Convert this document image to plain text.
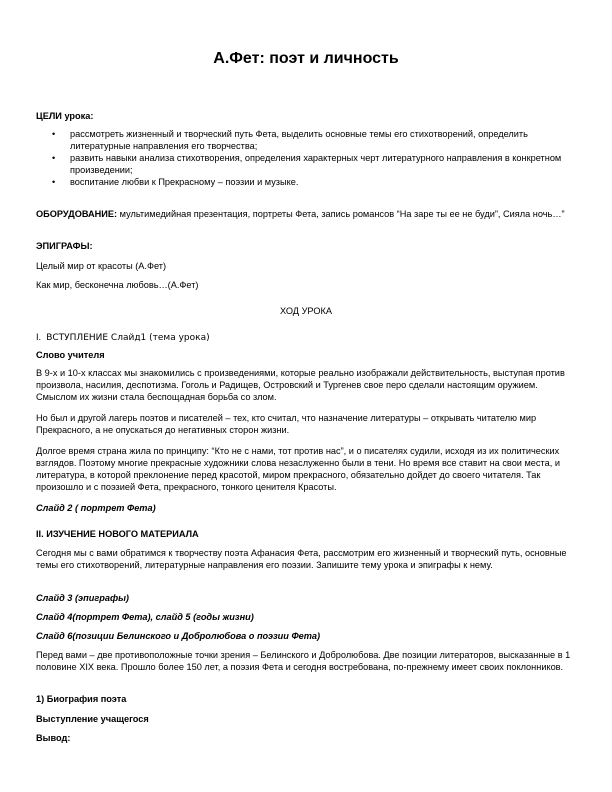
А.Фет: поэт и личность
ЦЕЛИ урока:
• рассмотреть жизненный и творческий путь Фета, выделить основные темы его стихотворений, определить литературные направления его творчества;
• развить навыки анализа стихотворения, определения характерных черт литературного направления в конкретном произведении;
• воспитание любви к Прекрасному – поэзии и музыке.
ОБОРУДОВАНИЕ: мультимедийная презентация, портреты Фета, запись романсов “На заре ты ее не буди”, Сияла ночь…”
ЭПИГРАФЫ:
Целый мир от красоты (А.Фет)
Как мир, бесконечна любовь…(А.Фет)
ХОД УРОКА
I. ВСТУПЛЕНИЕ Слайд1 (тема урока)
Слово учителя
В 9-х и 10-х классах мы знакомились с произведениями, которые реально изображали действительность, выступая против произвола, насилия, деспотизма. Гоголь и Радищев, Островский и Тургенев свое перо сделали настоящим оружием. Смыслом их жизни стала беспощадная борьба со злом.
Но был и другой лагерь поэтов и писателей – тех, кто считал, что назначение литературы – открывать читателю мир Прекрасного, а не опускаться до негативных сторон жизни.
Долгое время страна жила по принципу: “Кто не с нами, тот против нас”, и о писателях судили, исходя из их политических взглядов. Поэтому многие прекрасные художники слова незаслуженно были в тени. Но время все ставит на свои места, и литература, в которой преклонение перед красотой, миром прекрасного, обязательно дойдет до своего читателя. Так произошло и с поэзией Фета, прекрасного, тонкого ценителя Красоты.
Слайд 2 ( портрет Фета)
II. ИЗУЧЕНИЕ НОВОГО МАТЕРИАЛА
Сегодня мы с вами обратимся к творчеству поэта Афанасия Фета, рассмотрим его жизненный и творческий путь, основные темы его стихотворений, литературные направления его поэзии. Запишите тему урока и эпиграфы к нему.
Слайд 3 (эпиграфы)
Слайд 4(портрет Фета), слайд 5 (годы жизни)
Слайд 6(позиции Белинского и Добролюбова о поэзии Фета)
Перед вами – две противоположные точки зрения – Белинского и Добролюбова. Две позиции литераторов, высказанные в 1 половине XIX века. Прошло более 150 лет, а поэзия Фета и сегодня востребована, по-прежнему имеет своих поклонников.
1) Биография поэта
Выступление учащегося
Вывод:
